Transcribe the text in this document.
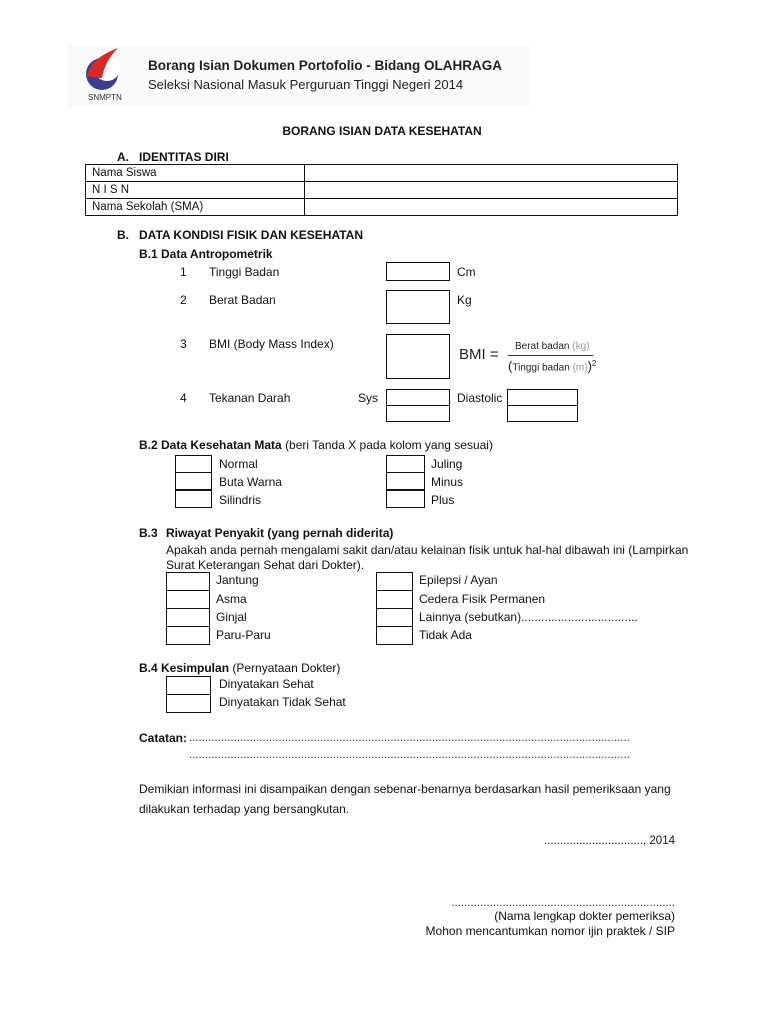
SNMPTN
Borang Isian Dokumen Portofolio - Bidang OLAHRAGA
Seleksi Nasional Masuk Perguruan Tinggi Negeri 2014
BORANG ISIAN DATA KESEHATAN
A. IDENTITAS DIRI
Nama Siswa	
N I S N	
Nama Sekolah (SMA)	
B. DATA KONDISI FISIK DAN KESEHATAN
B.1 Data Antropometrik
1 Tinggi Badan	Cm
2 Berat Badan	Kg
3 BMI (Body Mass Index)
BMI = Berat badan (kg)
(Tinggi badan (m))$^2$
4 Tekanan Darah	Sys	Diastolic
B.2 Data Kesehatan Mata (beri Tanda X pada kolom yang sesuai)
Normal
Buta Warna
Silindris
Juling
Minus
Plus
B.3 Riwayat Penyakit (yang pernah diderita)
Apakah anda pernah mengalami sakit dan/atau kelainan fisik untuk hal-hal dibawah ini (Lampirkan
Surat Keterangan Sehat dari Dokter).
Jantung
Asma
Ginjal
Paru-Paru
Epilepsi / Ayan
Cedera Fisik Permanen
Lainnya (sebutkan)...................................
Tidak Ada
B.4 Kesimpulan (Pernyataan Dokter)
Dinyatakan Sehat
Dinyatakan Tidak Sehat
Catatan: ..........................................................................................................................................
..........................................................................................................................................
Demikian informasi ini disampaikan dengan sebenar-benarnya berdasarkan hasil pemeriksaan yang
dilakukan terhadap yang bersangkutan.
..............................., 2014
......................................................................
(Nama lengkap dokter pemeriksa)
Mohon mencantumkan nomor ijin praktek / SIP
